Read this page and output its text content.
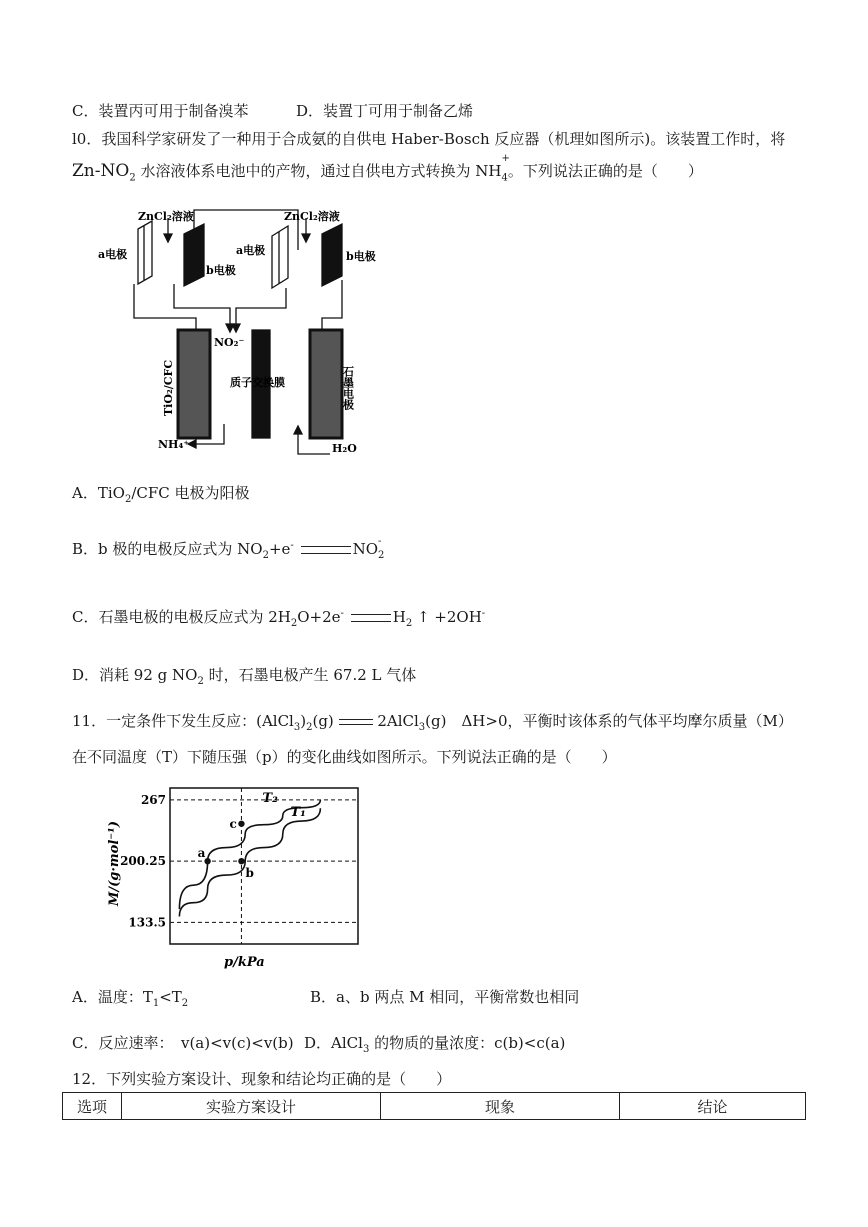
C．装置丙可用于制备溴苯	D．装置丁可用于制备乙烯
l0．我国科学家研发了一种用于合成氨的自供电 Haber-Bosch 反应器（机理如图所示)。该装置工作时，将
$Zn-NO_2$ 水溶液体系电池中的产物，通过自供电方式转换为 NH
+
$_4$。下列说法正确的是（　　）
ZnCl₂溶液	ZnCl₂溶液
a电极
b电极
a电极	b电极
NO₂⁻
质子交换膜
TiO₂/CFC	石墨电极
NH₄⁺	H₂O
A．TiO$_2$/CFC 电极为阳极
B．b 极的电极反应式为 $NO_2+e^-$	$NO_{2 -}$
C．石墨电极的电极反应式为 $2H_2O+2e^-$	$H_2$ ↑ +2OH-
D．消耗 92 g $NO_2$ 时，石墨电极产生 67.2 L 气体
11．一定条件下发生反应：$(AlCl_3)_2(g)$	2AlCl$_3$(g)　ΔH>0，平衡时该体系的气体平均摩尔质量（M）
在不同温度（T）下随压强（p）的变化曲线如图所示。下列说法正确的是（　　）
267
200.25
133.5
T₂
T₁
a
c
b
M/(g·mol⁻¹)
p/kPa
A．温度：$T_1<T_2$	B．a、b 两点 M 相同，平衡常数也相同
C．反应速率：　v(a)<v(c)<v(b) D．AlCl$_3$ 的物质的量浓度：c(b)<c(a)
12．下列实验方案设计、现象和结论均正确的是（　　）
选项	实验方案设计	现象	结论
